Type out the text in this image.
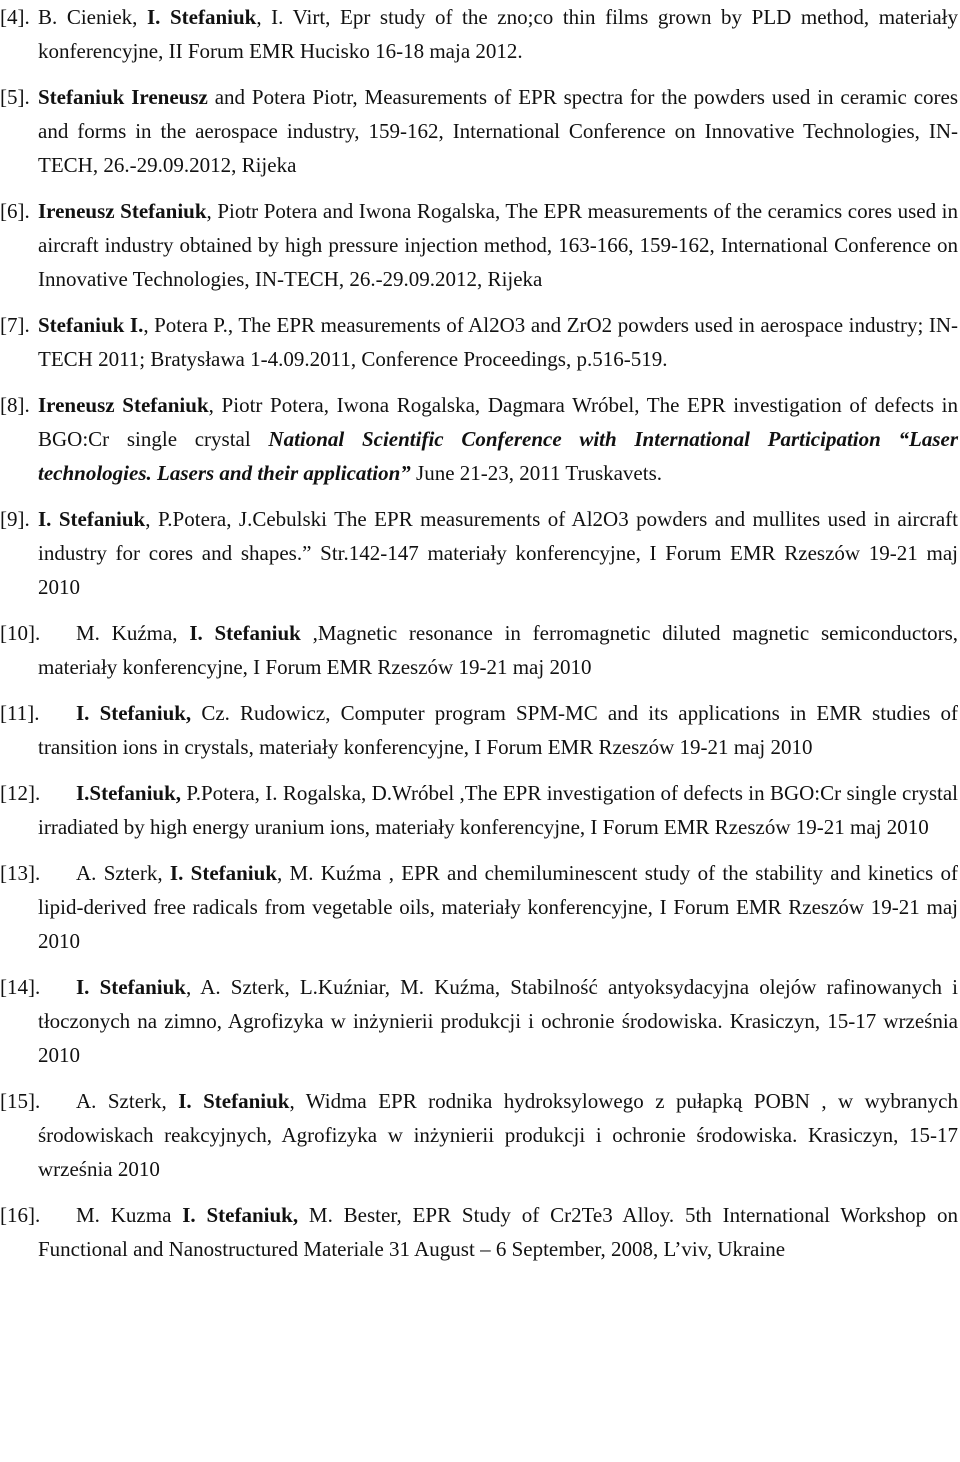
[4]. B. Cieniek, I. Stefaniuk, I. Virt, Epr study of the zno;co thin films grown by PLD method, materiały konferencyjne, II Forum EMR Hucisko 16-18 maja 2012.
[5]. Stefaniuk Ireneusz and Potera Piotr, Measurements of EPR spectra for the powders used in ceramic cores and forms in the aerospace industry, 159-162, International Conference on Innovative Technologies, IN-TECH, 26.-29.09.2012, Rijeka
[6]. Ireneusz Stefaniuk, Piotr Potera and Iwona Rogalska, The EPR measurements of the ceramics cores used in aircraft industry obtained by high pressure injection method, 163-166, 159-162, International Conference on Innovative Technologies, IN-TECH, 26.-29.09.2012, Rijeka
[7]. Stefaniuk I., Potera P., The EPR measurements of Al2O3 and ZrO2 powders used in aerospace industry; IN-TECH 2011; Bratysława 1-4.09.2011, Conference Proceedings, p.516-519.
[8]. Ireneusz Stefaniuk, Piotr Potera, Iwona Rogalska, Dagmara Wróbel, The EPR investigation of defects in BGO:Cr single crystal National Scientific Conference with International Participation “Laser technologies. Lasers and their application” June 21-23, 2011 Truskavets.
[9]. I. Stefaniuk, P.Potera, J.Cebulski The EPR measurements of Al2O3 powders and mullites used in aircraft industry for cores and shapes.” Str.142-147 materiały konferencyjne, I Forum EMR Rzeszów 19-21 maj 2010
[10]. M. Kuźma, I. Stefaniuk ,Magnetic resonance in ferromagnetic diluted magnetic semiconductors, materiały konferencyjne, I Forum EMR Rzeszów 19-21 maj 2010
[11]. I. Stefaniuk, Cz. Rudowicz, Computer program SPM-MC and its applications in EMR studies of transition ions in crystals, materiały konferencyjne, I Forum EMR Rzeszów 19-21 maj 2010
[12]. I.Stefaniuk, P.Potera, I. Rogalska, D.Wróbel ,The EPR investigation of defects in BGO:Cr single crystal irradiated by high energy uranium ions, materiały konferencyjne, I Forum EMR Rzeszów 19-21 maj 2010
[13]. A. Szterk, I. Stefaniuk, M. Kuźma , EPR and chemiluminescent study of the stability and kinetics of lipid-derived free radicals from vegetable oils, materiały konferencyjne, I Forum EMR Rzeszów 19-21 maj 2010
[14]. I. Stefaniuk, A. Szterk, L.Kuźniar, M. Kuźma, Stabilność antyoksydacyjna olejów rafinowanych i tłoczonych na zimno, Agrofizyka w inżynierii produkcji i ochronie środowiska. Krasiczyn, 15-17 września 2010
[15]. A. Szterk, I. Stefaniuk, Widma EPR rodnika hydroksylowego z pułapką POBN , w wybranych środowiskach reakcyjnych, Agrofizyka w inżynierii produkcji i ochronie środowiska. Krasiczyn, 15-17 września 2010
[16]. M. Kuzma I. Stefaniuk, M. Bester, EPR Study of Cr2Te3 Alloy. 5th International Workshop on Functional and Nanostructured Materiale 31 August – 6 September, 2008, L’viv, Ukraine
